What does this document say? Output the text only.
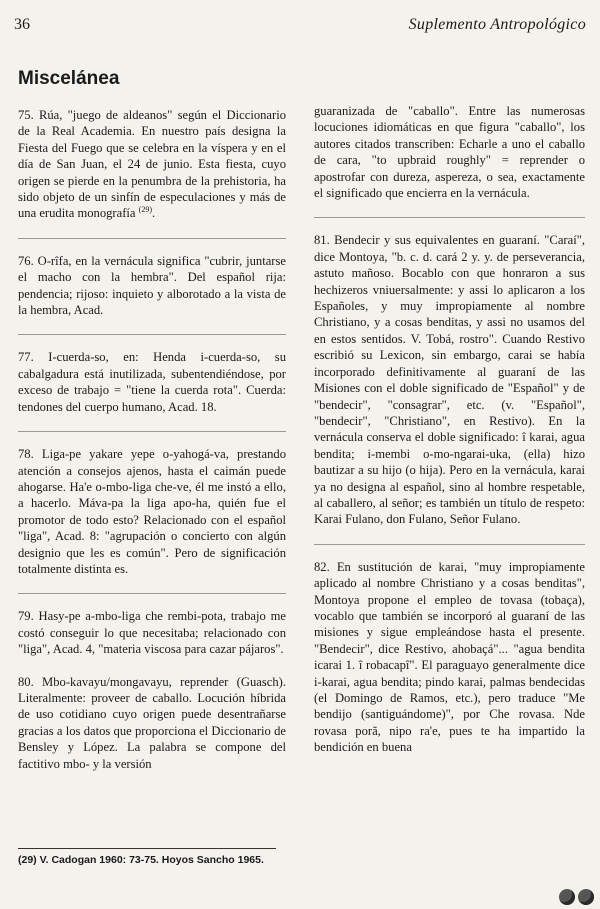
36	Suplemento Antropológico
Miscelánea

75. Rúa, "juego de aldeanos" según el Diccionario de la Real Academia. En nuestro país designa la Fiesta del Fuego que se celebra en la víspera y en el día de San Juan, el 24 de junio. Esta fiesta, cuyo origen se pierde en la penumbra de la prehistoria, ha sido objeto de un sinfín de especulaciones y más de una erudita monografía $^{(29)}$.

76. O-rîfa, en la vernácula significa "cubrir, juntarse el macho con la hembra". Del español rija: pendencia; rijoso: inquieto y alborotado a la vista de la hembra, Acad.

77. I-cuerda-so, en: Henda i-cuerda-so, su cabalgadura está inutilizada, subentendiéndose, por exceso de trabajo = "tiene la cuerda rota". Cuerda: tendones del cuerpo humano, Acad. 18.

78. Liga-pe yakare yepe o-yahogá-va, prestando atención a consejos ajenos, hasta el caimán puede ahogarse. Ha'e o-mbo-liga che-ve, él me instó a ello, a hacerlo. Máva-pa la liga apo-ha, quién fue el promotor de todo esto? Relacionado con el español "liga", Acad. 8: "agrupación o concierto con algún designio que les es común". Pero de significación totalmente distinta es.

79. Hasy-pe a-mbo-liga che rembi-pota, trabajo me costó conseguir lo que necesitaba; relacionado con "liga", Acad. 4, "materia viscosa para cazar pájaros".

80. Mbo-kavayu/mongavayu, reprender (Guasch). Literalmente: proveer de caballo. Locución híbrida de uso cotidiano cuyo origen puede desentrañarse gracias a los datos que proporciona el Diccionario de Bensley y López. La palabra se compone del factitivo mbo- y la versión

guaranizada de "caballo". Entre las numerosas locuciones idiomáticas en que figura "caballo", los autores citados transcriben: Echarle a uno el caballo de cara, "to upbraid roughly" = reprender o apostrofar con dureza, aspereza, o sea, exactamente el significado que encierra en la vernácula.

81. Bendecir y sus equivalentes en guaraní. "Caraí", dice Montoya, "b. c. d. cará 2 y. y. de perseverancia, astuto mañoso. Bocablo con que honraron a sus hechizeros vniuersalmente: y assi lo aplicaron a los Españoles, y muy impropiamente al nombre Christiano, y a cosas benditas, y assi no usamos del en estos sentidos. V. Tobá, rostro". Cuando Restivo escribió su Lexicon, sin embargo, carai se había incorporado definitivamente al guaraní de las Misiones con el doble significado de "Español" y de "bendecir", "consagrar", etc. (v. "Español", "bendecir", "Christiano", en Restivo). En la vernácula conserva el doble significado: î karai, agua bendita; i-membi o-mo-ngarai-uka, (ella) hizo bautizar a su hijo (o hija). Pero en la vernácula, karai ya no designa al español, sino al hombre respetable, al caballero, al señor; es también un título de respeto: Karai Fulano, don Fulano, Señor Fulano.

82. En sustitución de karai, "muy impropiamente aplicado al nombre Christiano y a cosas benditas", Montoya propone el empleo de tovasa (tobaça), vocablo que también se incorporó al guaraní de las misiones y sigue empleándose hasta el presente. "Bendecir", dice Restivo, ahobaçá"... "agua bendita icarai 1. î robacapî". El paraguayo generalmente dice i-karai, agua bendita; pindo karai, palmas bendecidas (el Domingo de Ramos, etc.), pero traduce "Me bendijo (santiguándome)", por Che rovasa. Nde rovasa porã, nipo ra'e, pues te ha impartido la bendición en buena

(29) V. Cadogan 1960: 73-75. Hoyos Sancho 1965.
